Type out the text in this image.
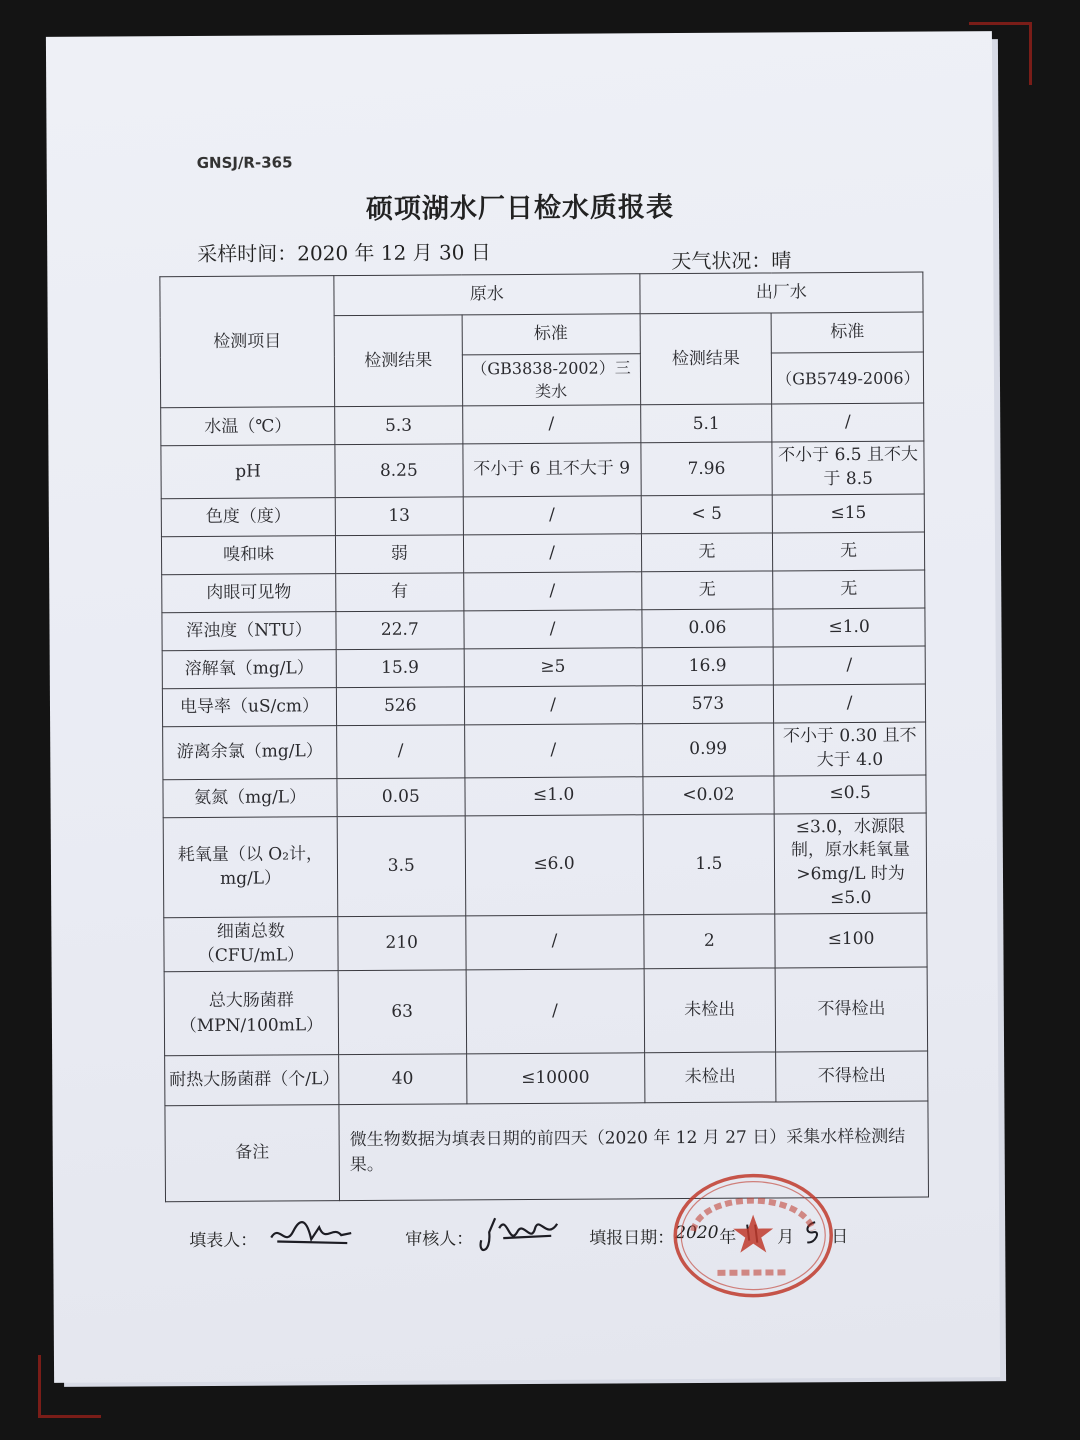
GNSJ/R-365
硕项湖水厂日检水质报表
采样时间：2020 年 12 月 30 日	天气状况：晴
检测项目	原水		出厂水	
	检测结果	标准	检测结果	标准
		（GB3838-2002）三类水		（GB5749-2006）
水温（℃）	5.3	/	5.1	/
pH	8.25	不小于 6 且不大于 9	7.96	不小于 6.5 且不大于 8.5
色度（度）	13	/	< 5	≤15
嗅和味	弱	/	无	无
肉眼可见物	有	/	无	无
浑浊度（NTU）	22.7	/	0.06	≤1.0
溶解氧（mg/L）	15.9	≥5	16.9	/
电导率（uS/cm）	526	/	573	/
游离余氯（mg/L）	/	/	0.99	不小于 0.30 且不大于 4.0
氨氮（mg/L）	0.05	≤1.0	<0.02	≤0.5
耗氧量（以 O₂计，mg/L）	3.5	≤6.0	1.5	≤3.0，水源限制，原水耗氧量>6mg/L 时为≤5.0
细菌总数（CFU/mL）	210	/	2	≤100
总大肠菌群（MPN/100mL）	63	/	未检出	不得检出
耐热大肠菌群（个/L）	40	≤10000	未检出	不得检出
备注	微生物数据为填表日期的前四天（2020 年 12 月 27 日）采集水样检测结果。			
填表人：	审核人：	填报日期： 2020 年 月 日
